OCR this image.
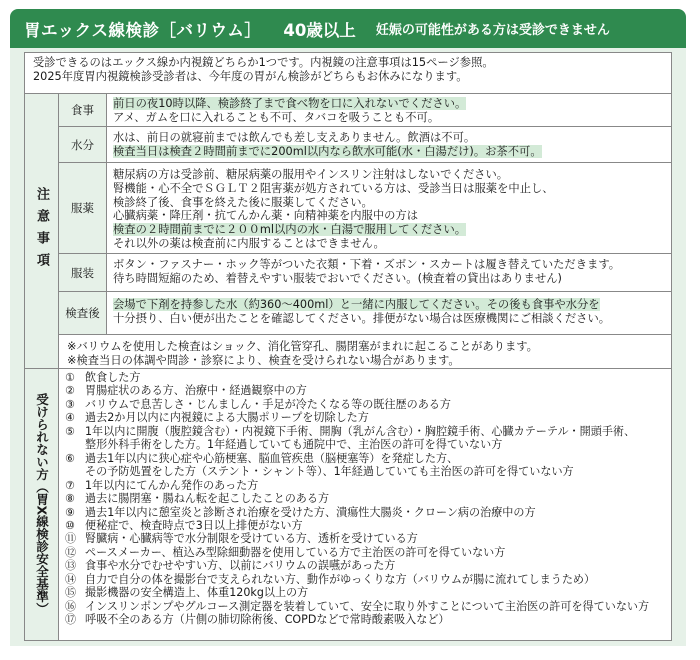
胃エックス線検診［バリウム］ 40歳以上 妊娠の可能性がある方は受診できません
受診できるのはエックス線か内視鏡どちらか1つです。内視鏡の注意事項は15ページ参照。
2025年度胃内視鏡検診受診者は、今年度の胃がん検診がどちらもお休みになります。
注意事項
食事	前日の夜10時以降、検診終了まで食べ物を口に入れないでください。
アメ、ガムを口に入れることも不可、タバコを吸うことも不可。
水分	水は、前日の就寝前までは飲んでも差し支えありません。飲酒は不可。
検査当日は検査２時間前までに200ml以内なら飲水可能(水・白湯だけ)。お茶不可。
服薬
糖尿病の方は受診前、糖尿病薬の服用やインスリン注射はしないでください。
腎機能・心不全でＳＧＬＴ２阻害薬が処方されている方は、受診当日は服薬を中止し、
検診終了後、食事を終えた後に服薬してください。
心臓病薬・降圧剤・抗てんかん薬・向精神薬を内服中の方は
検査の２時間前までに２００ml以内の水・白湯で服用してください。
それ以外の薬は検査前に内服することはできません。
服装
ボタン・ファスナー・ホック等がついた衣類・下着・ズボン・スカートは履き替えていただきます。
待ち時間短縮のため、着替えやすい服装でおいでください。(検査着の貸出はありません)
検査後
会場で下剤を持参した水（約360～400ml）と一緒に内服してください。その後も食事や水分を
十分摂り、白い便が出たことを確認してください。排便がない場合は医療機関にご相談ください。
※バリウムを使用した検査はショック、消化管穿孔、腸閉塞がまれに起こることがあります。
※検査当日の体調や問診・診察により、検査を受けられない場合があります。
受けられない方（胃X線検診安全基準）
① 飲食した方
② 胃腸症状のある方、治療中・経過観察中の方
③ バリウムで息苦しさ・じんましん・手足が冷たくなる等の既往歴のある方
④ 過去2か月以内に内視鏡による大腸ポリープを切除した方
⑤ 1年以内に開腹（腹腔鏡含む）・内視鏡下手術、開胸（乳がん含む）・胸腔鏡手術、心臓カテーテル・開頭手術、
整形外科手術をした方。1年経過していても通院中で、主治医の許可を得ていない方
⑥ 過去1年以内に狭心症や心筋梗塞、脳血管疾患（脳梗塞等）を発症した方、
その予防処置をした方（ステント・シャント等）、1年経過していても主治医の許可を得ていない方
⑦ 1年以内にてんかん発作のあった方
⑧ 過去に腸閉塞・腸ねん転を起こしたことのある方
⑨ 過去1年以内に憩室炎と診断され治療を受けた方、潰瘍性大腸炎・クローン病の治療中の方
⑩ 便秘症で、検査時点で3日以上排便がない方
⑪ 腎臓病・心臓病等で水分制限を受けている方、透析を受けている方
⑫ ペースメーカー、植込み型除細動器を使用している方で主治医の許可を得ていない方
⑬ 食事や水分でむせやすい方、以前にバリウムの誤嚥があった方
⑭ 自力で自分の体を撮影台で支えられない方、動作がゆっくりな方（バリウムが腸に流れてしまうため）
⑮ 撮影機器の安全構造上、体重120kg以上の方
⑯ インスリンポンプやグルコース測定器を装着していて、安全に取り外すことについて主治医の許可を得ていない方
⑰ 呼吸不全のある方（片側の肺切除術後、COPDなどで常時酸素吸入など）
